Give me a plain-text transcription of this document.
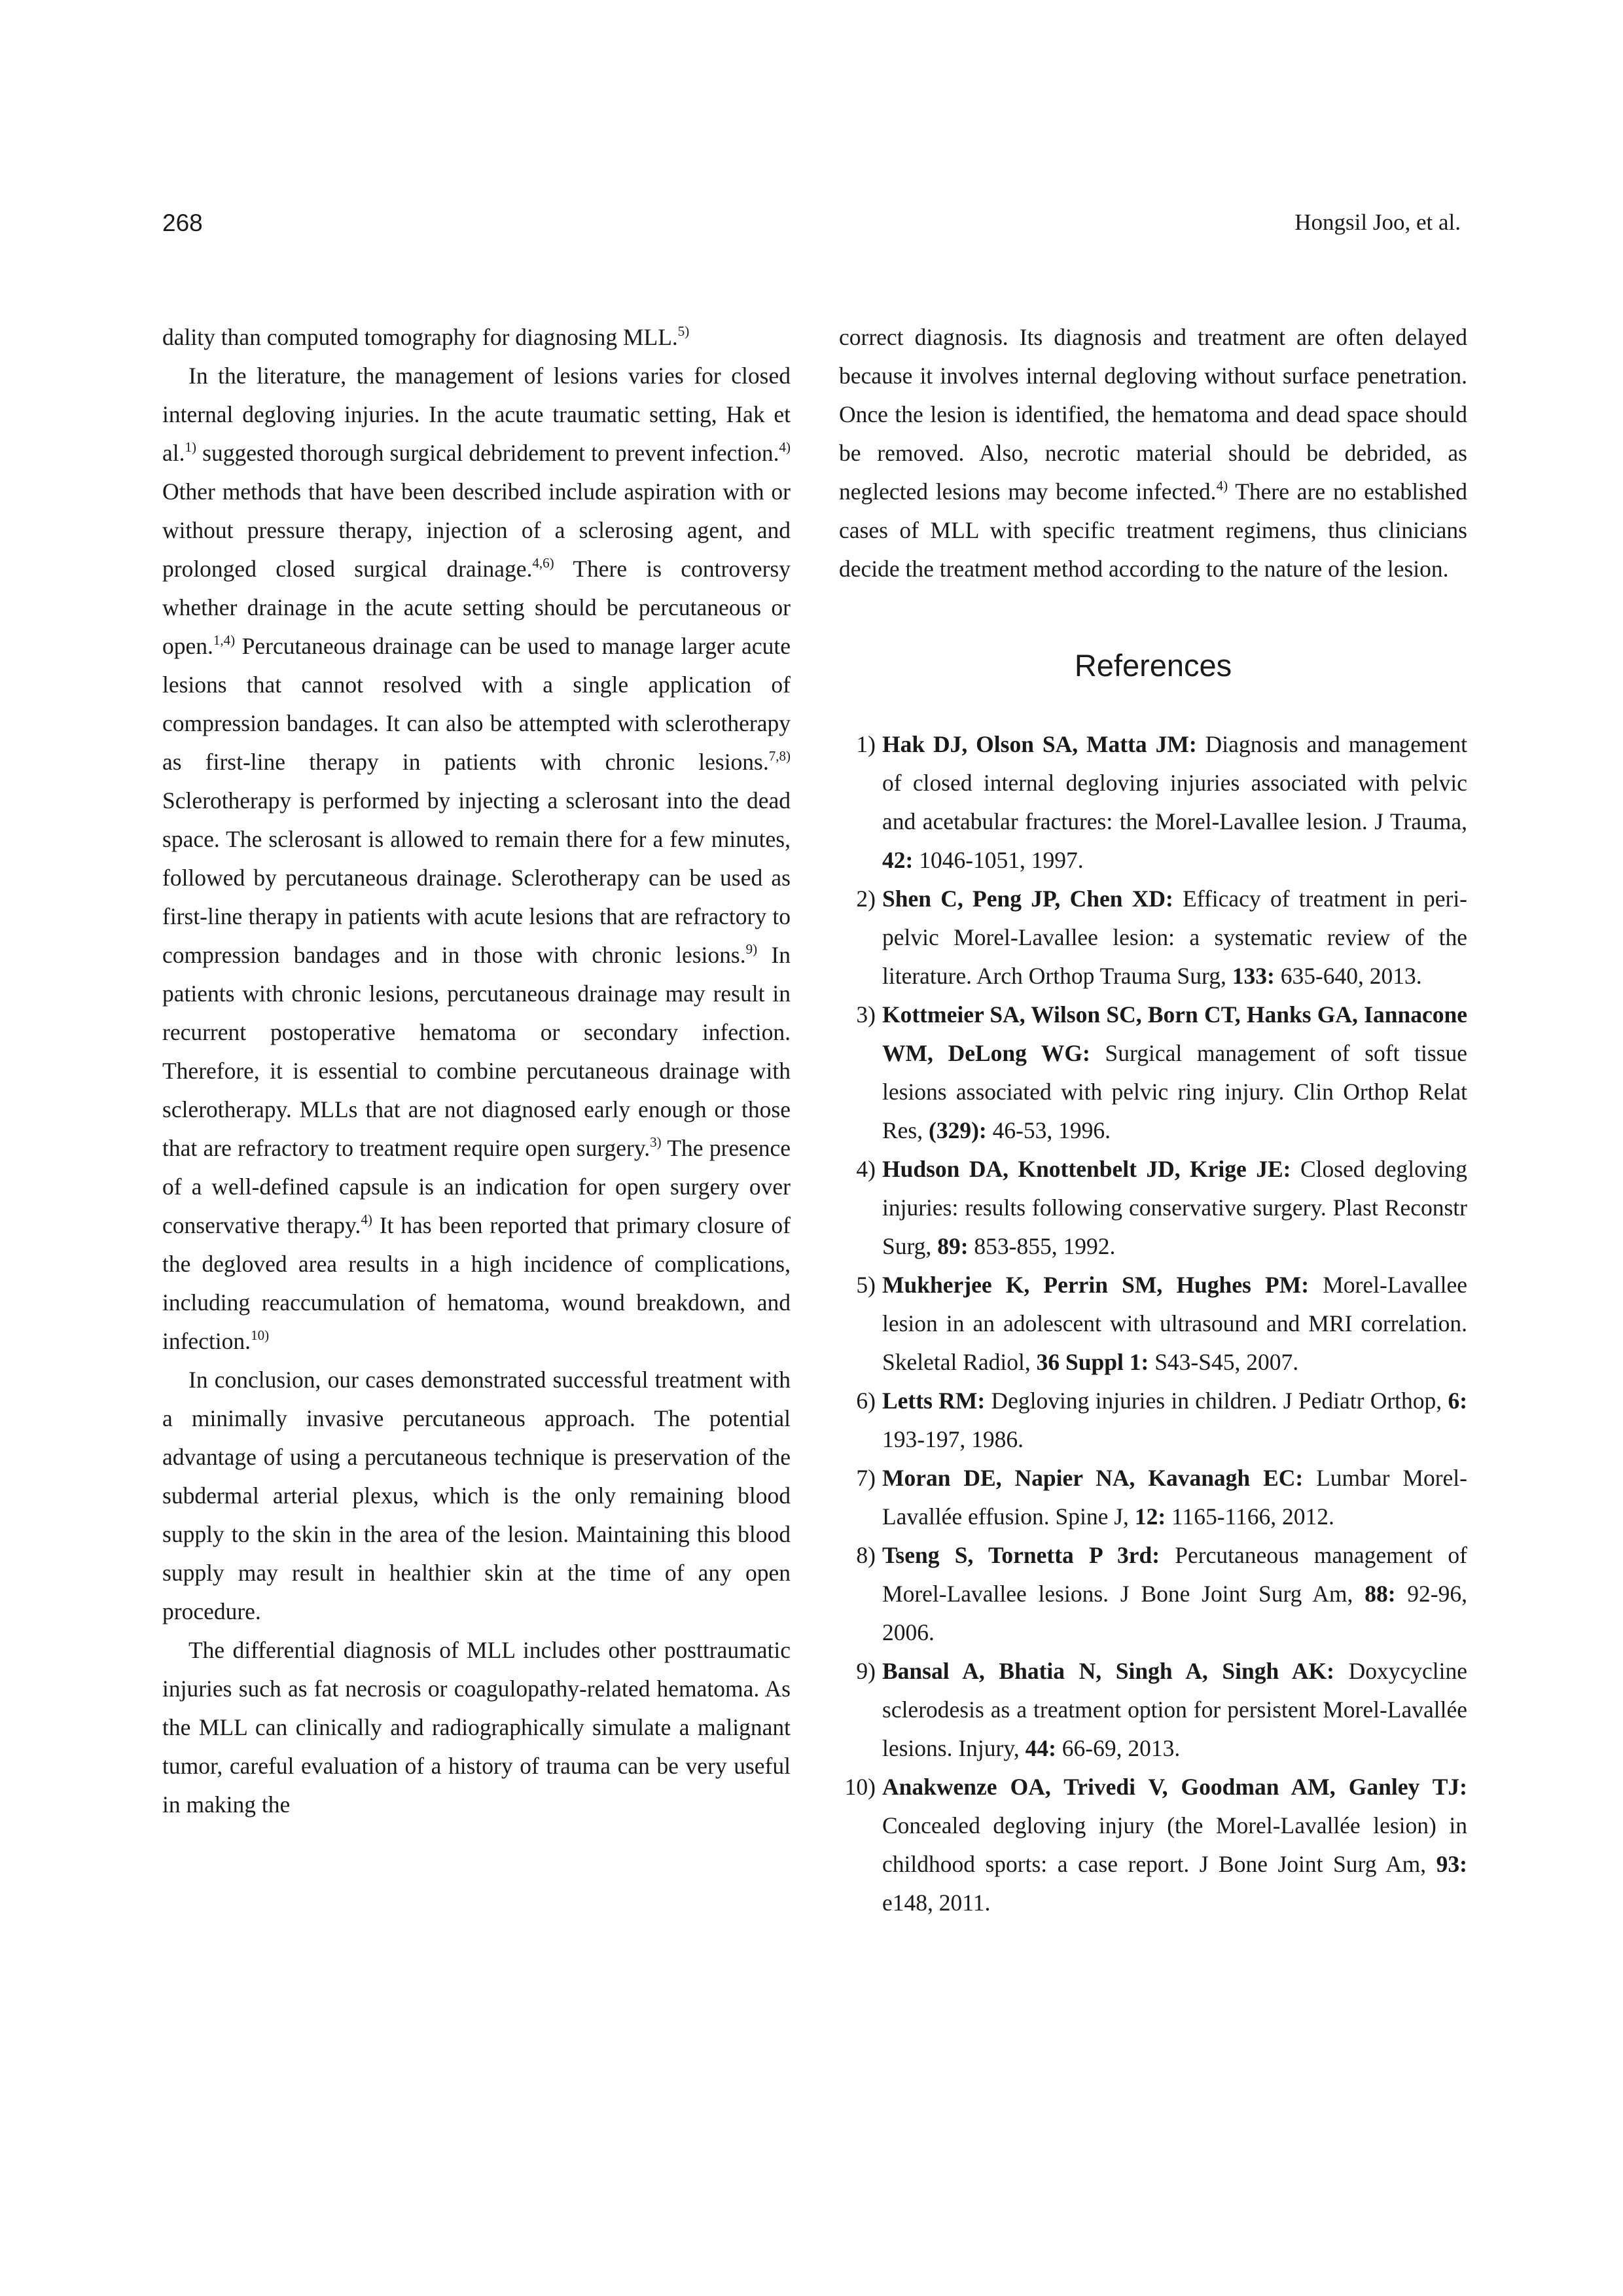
268	Hongsil Joo, et al.

dality than computed tomography for diagnosing MLL.$^{5)}$

In the literature, the management of lesions varies for closed internal degloving injuries. In the acute traumatic setting, Hak et al.$^{1)}$ suggested thorough surgical debridement to prevent infection.$^{4)}$ Other methods that have been described include aspiration with or without pressure therapy, injection of a sclerosing agent, and prolonged closed surgical drainage.$^{4,6)}$ There is controversy whether drainage in the acute setting should be percutaneous or open.$^{1,4)}$ Percutaneous drainage can be used to manage larger acute lesions that cannot resolved with a single application of compression bandages. It can also be attempted with sclerotherapy as first-line therapy in patients with chronic lesions.$^{7,8)}$ Sclerotherapy is performed by injecting a sclerosant into the dead space. The sclerosant is allowed to remain there for a few minutes, followed by percutaneous drainage. Sclerotherapy can be used as first-line therapy in patients with acute lesions that are refractory to compression bandages and in those with chronic lesions.$^{9)}$ In patients with chronic lesions, percutaneous drainage may result in recurrent postoperative hematoma or secondary infection. Therefore, it is essential to combine percutaneous drainage with sclerotherapy. MLLs that are not diagnosed early enough or those that are refractory to treatment require open surgery.$^{3)}$ The presence of a well-defined capsule is an indication for open surgery over conservative therapy.$^{4)}$ It has been reported that primary closure of the degloved area results in a high incidence of complications, including reaccumulation of hematoma, wound breakdown, and infection.$^{10)}$

In conclusion, our cases demonstrated successful treatment with a minimally invasive percutaneous approach. The potential advantage of using a percutaneous technique is preservation of the subdermal arterial plexus, which is the only remaining blood supply to the skin in the area of the lesion. Maintaining this blood supply may result in healthier skin at the time of any open procedure.

The differential diagnosis of MLL includes other posttraumatic injuries such as fat necrosis or coagulopathy-related hematoma. As the MLL can clinically and radiographically simulate a malignant tumor, careful evaluation of a history of trauma can be very useful in making the

correct diagnosis. Its diagnosis and treatment are often delayed because it involves internal degloving without surface penetration. Once the lesion is identified, the hematoma and dead space should be removed. Also, necrotic material should be debrided, as neglected lesions may become infected.$^{4)}$ There are no established cases of MLL with specific treatment regimens, thus clinicians decide the treatment method according to the nature of the lesion.

References
1) Hak DJ, Olson SA, Matta JM: Diagnosis and management of closed internal degloving injuries associated with pelvic and acetabular fractures: the Morel-Lavallee lesion. J Trauma, 42: 1046-1051, 1997.
2) Shen C, Peng JP, Chen XD: Efficacy of treatment in peri-pelvic Morel-Lavallee lesion: a systematic review of the literature. Arch Orthop Trauma Surg, 133: 635-640, 2013.
3) Kottmeier SA, Wilson SC, Born CT, Hanks GA, Iannacone WM, DeLong WG: Surgical management of soft tissue lesions associated with pelvic ring injury. Clin Orthop Relat Res, (329): 46-53, 1996.
4) Hudson DA, Knottenbelt JD, Krige JE: Closed degloving injuries: results following conservative surgery. Plast Reconstr Surg, 89: 853-855, 1992.
5) Mukherjee K, Perrin SM, Hughes PM: Morel-Lavallee lesion in an adolescent with ultrasound and MRI correlation. Skeletal Radiol, 36 Suppl 1: S43-S45, 2007.
6) Letts RM: Degloving injuries in children. J Pediatr Orthop, 6: 193-197, 1986.
7) Moran DE, Napier NA, Kavanagh EC: Lumbar Morel-Lavallée effusion. Spine J, 12: 1165-1166, 2012.
8) Tseng S, Tornetta P 3rd: Percutaneous management of Morel-Lavallee lesions. J Bone Joint Surg Am, 88: 92-96, 2006.
9) Bansal A, Bhatia N, Singh A, Singh AK: Doxycycline sclerodesis as a treatment option for persistent Morel-Lavallée lesions. Injury, 44: 66-69, 2013.
10) Anakwenze OA, Trivedi V, Goodman AM, Ganley TJ: Concealed degloving injury (the Morel-Lavallée lesion) in childhood sports: a case report. J Bone Joint Surg Am, 93: e148, 2011.
